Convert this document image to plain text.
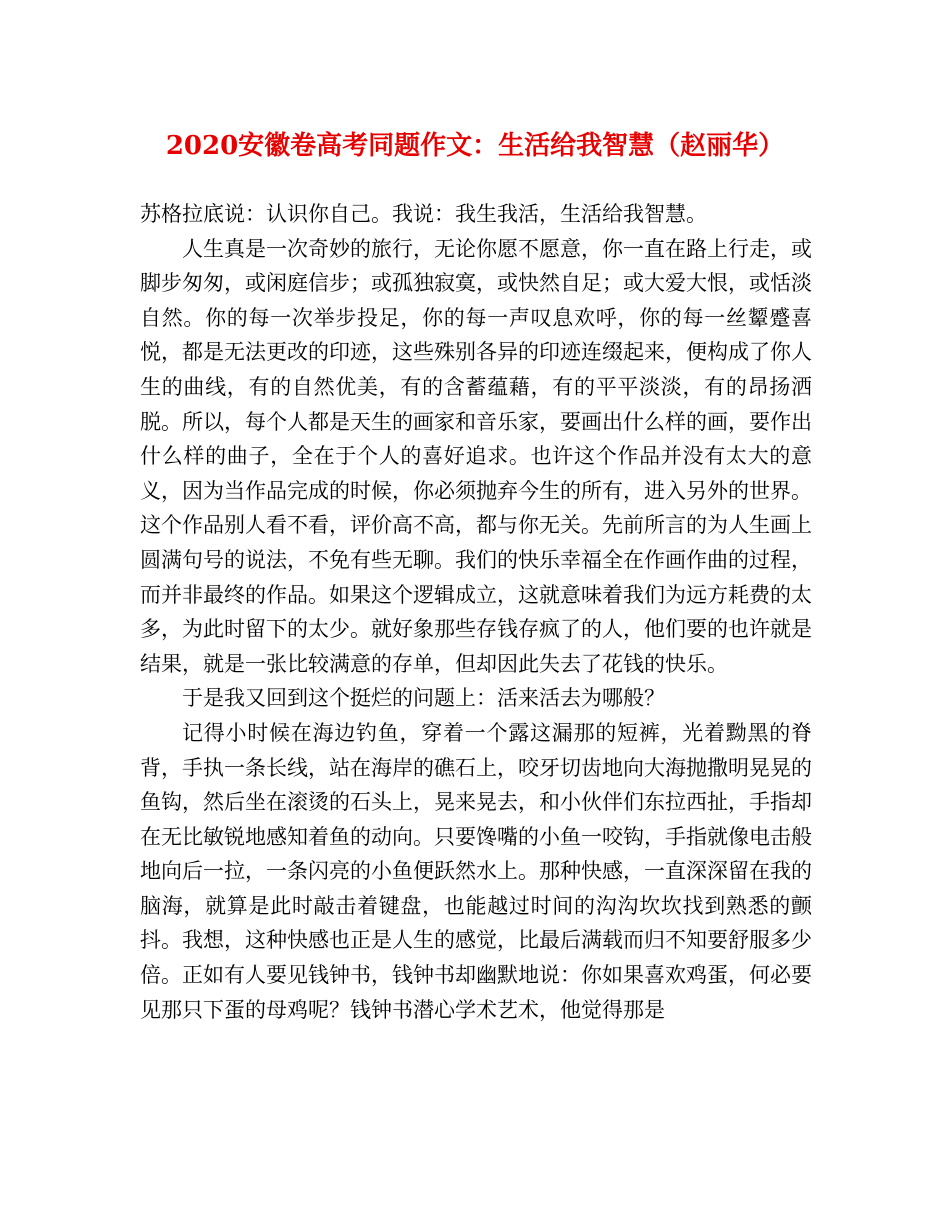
2020安徽卷高考同题作文：生活给我智慧（赵丽华）

苏格拉底说：认识你自己。我说：我生我活，生活给我智慧。

人生真是一次奇妙的旅行，无论你愿不愿意，你一直在路上行走，或脚步匆匆，或闲庭信步；或孤独寂寞，或快然自足；或大爱大恨，或恬淡自然。你的每一次举步投足，你的每一声叹息欢呼，你的每一丝颦蹙喜悦，都是无法更改的印迹，这些殊别各异的印迹连缀起来，便构成了你人生的曲线，有的自然优美，有的含蓄蕴藉，有的平平淡淡，有的昂扬洒脱。所以，每个人都是天生的画家和音乐家，要画出什么样的画，要作出什么样的曲子，全在于个人的喜好追求。也许这个作品并没有太大的意义，因为当作品完成的时候，你必须抛弃今生的所有，进入另外的世界。这个作品别人看不看，评价高不高，都与你无关。先前所言的为人生画上圆满句号的说法，不免有些无聊。我们的快乐幸福全在作画作曲的过程，而并非最终的作品。如果这个逻辑成立，这就意味着我们为远方耗费的太多，为此时留下的太少。就好象那些存钱存疯了的人，他们要的也许就是结果，就是一张比较满意的存单，但却因此失去了花钱的快乐。

于是我又回到这个挺烂的问题上：活来活去为哪般？

记得小时候在海边钓鱼，穿着一个露这漏那的短裤，光着黝黑的脊背，手执一条长线，站在海岸的礁石上，咬牙切齿地向大海抛撒明晃晃的鱼钩，然后坐在滚烫的石头上，晃来晃去，和小伙伴们东拉西扯，手指却在无比敏锐地感知着鱼的动向。只要馋嘴的小鱼一咬钩，手指就像电击般地向后一拉，一条闪亮的小鱼便跃然水上。那种快感，一直深深留在我的脑海，就算是此时敲击着键盘，也能越过时间的沟沟坎坎找到熟悉的颤抖。我想，这种快感也正是人生的感觉，比最后满载而归不知要舒服多少倍。正如有人要见钱钟书，钱钟书却幽默地说：你如果喜欢鸡蛋，何必要见那只下蛋的母鸡呢？钱钟书潜心学术艺术，他觉得那是
